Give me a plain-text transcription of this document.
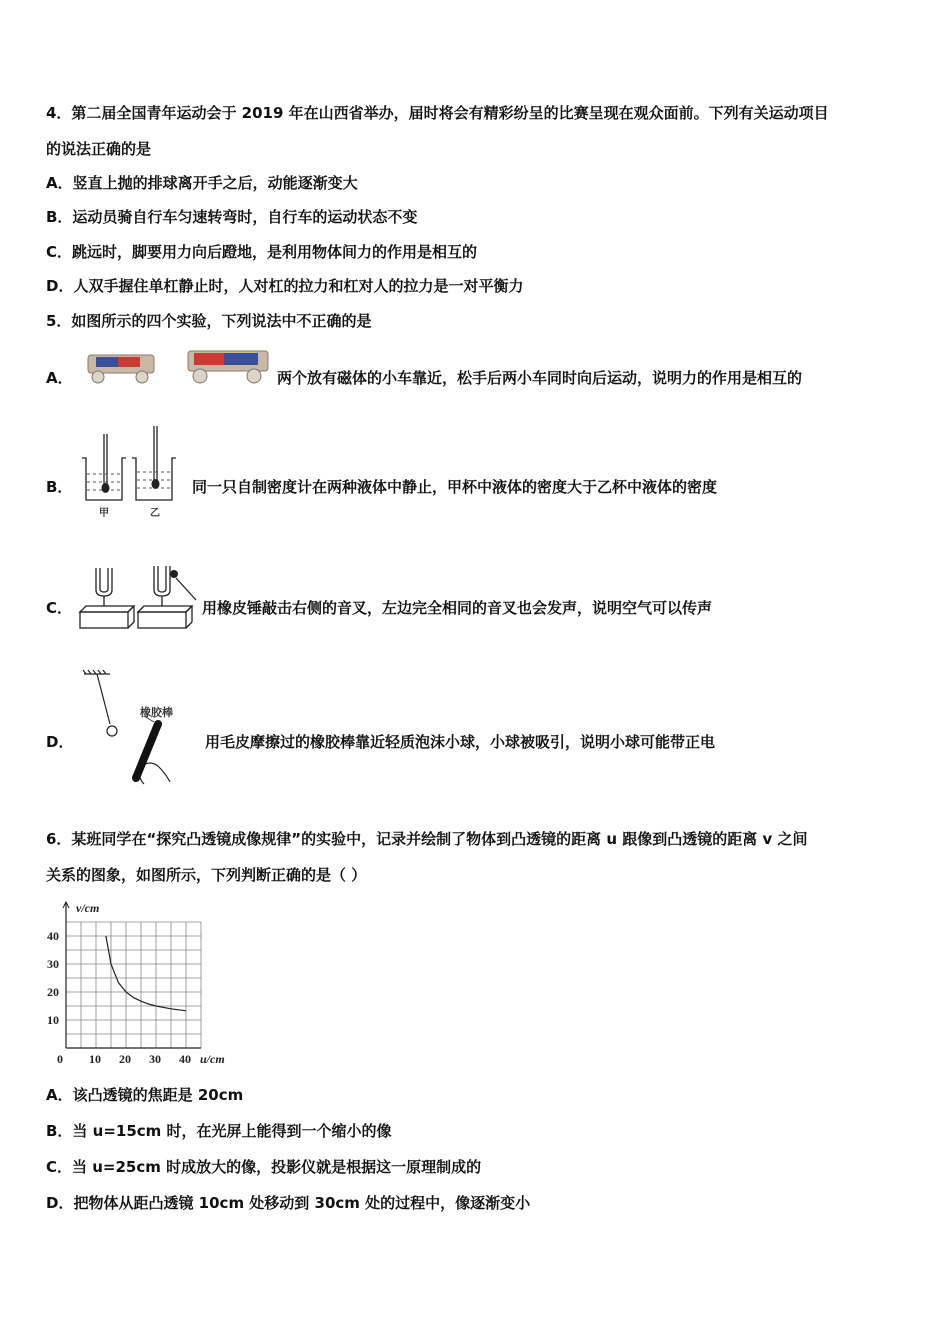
4．第二届全国青年运动会于 2019 年在山西省举办，届时将会有精彩纷呈的比赛呈现在观众面前。下列有关运动项目
的说法正确的是
A．竖直上抛的排球离开手之后，动能逐渐变大
B．运动员骑自行车匀速转弯时，自行车的运动状态不变
C．跳远时，脚要用力向后蹬地，是利用物体间力的作用是相互的
D．人双手握住单杠静止时，人对杠的拉力和杠对人的拉力是一对平衡力
5．如图所示的四个实验，下列说法中不正确的是
A．	两个放有磁体的小车靠近，松手后两小车同时向后运动，说明力的作用是相互的
B．
甲	乙
同一只自制密度计在两种液体中静止，甲杯中液体的密度大于乙杯中液体的密度
C．	用橡皮锤敲击右侧的音叉，左边完全相同的音叉也会发声，说明空气可以传声
D．
橡胶棒
用毛皮摩擦过的橡胶棒靠近轻质泡沫小球，小球被吸引，说明小球可能带正电
6．某班同学在“探究凸透镜成像规律”的实验中，记录并绘制了物体到凸透镜的距离 u 跟像到凸透镜的距离 v 之间
关系的图象，如图所示，下列判断正确的是（ ）
0 10 20 30 40
10
20
30
40
v/cm
u/cm
A．该凸透镜的焦距是 20cm
B．当 u=15cm 时，在光屏上能得到一个缩小的像
C．当 u=25cm 时成放大的像，投影仪就是根据这一原理制成的
D．把物体从距凸透镜 10cm 处移动到 30cm 处的过程中，像逐渐变小
